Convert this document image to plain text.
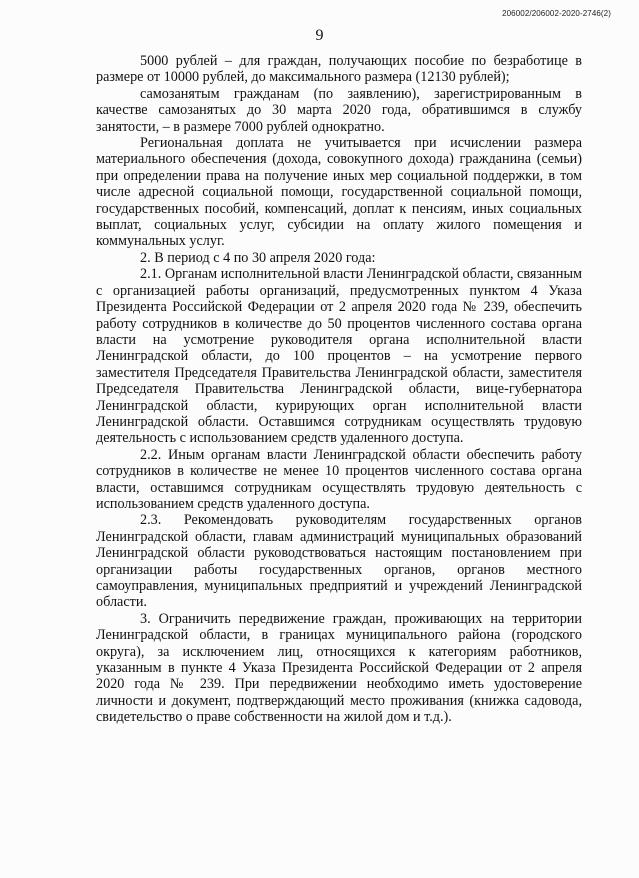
206002/206002-2020-2746(2)
9

5000 рублей – для граждан, получающих пособие по безработице в размере от 10000 рублей, до максимального размера (12130 рублей);

самозанятым гражданам (по заявлению), зарегистрированным в качестве самозанятых до 30 марта 2020 года, обратившимся в службу занятости, – в размере 7000 рублей однократно.

Региональная доплата не учитывается при исчислении размера материального обеспечения (дохода, совокупного дохода) гражданина (семьи) при определении права на получение иных мер социальной поддержки, в том числе адресной социальной помощи, государственной социальной помощи, государственных пособий, компенсаций, доплат к пенсиям, иных социальных выплат, социальных услуг, субсидии на оплату жилого помещения и коммунальных услуг.

2. В период с 4 по 30 апреля 2020 года:

2.1. Органам исполнительной власти Ленинградской области, связанным с организацией работы организаций, предусмотренных пунктом 4 Указа Президента Российской Федерации от 2 апреля 2020 года № 239, обеспечить работу сотрудников в количестве до 50 процентов численного состава органа власти на усмотрение руководителя органа исполнительной власти Ленинградской области, до 100 процентов – на усмотрение первого заместителя Председателя Правительства Ленинградской области, заместителя Председателя Правительства Ленинградской области, вице-губернатора Ленинградской области, курирующих орган исполнительной власти Ленинградской области. Оставшимся сотрудникам осуществлять трудовую деятельность с использованием средств удаленного доступа.

2.2. Иным органам власти Ленинградской области обеспечить работу сотрудников в количестве не менее 10 процентов численного состава органа власти, оставшимся сотрудникам осуществлять трудовую деятельность с использованием средств удаленного доступа.

2.3. Рекомендовать руководителям государственных органов Ленинградской области, главам администраций муниципальных образований Ленинградской области руководствоваться настоящим постановлением при организации работы государственных органов, органов местного самоуправления, муниципальных предприятий и учреждений Ленинградской области.

3. Ограничить передвижение граждан, проживающих на территории Ленинградской области, в границах муниципального района (городского округа), за исключением лиц, относящихся к категориям работников, указанным в пункте 4 Указа Президента Российской Федерации от 2 апреля 2020 года № 239. При передвижении необходимо иметь удостоверение личности и документ, подтверждающий место проживания (книжка садовода, свидетельство о праве собственности на жилой дом и т.д.).
